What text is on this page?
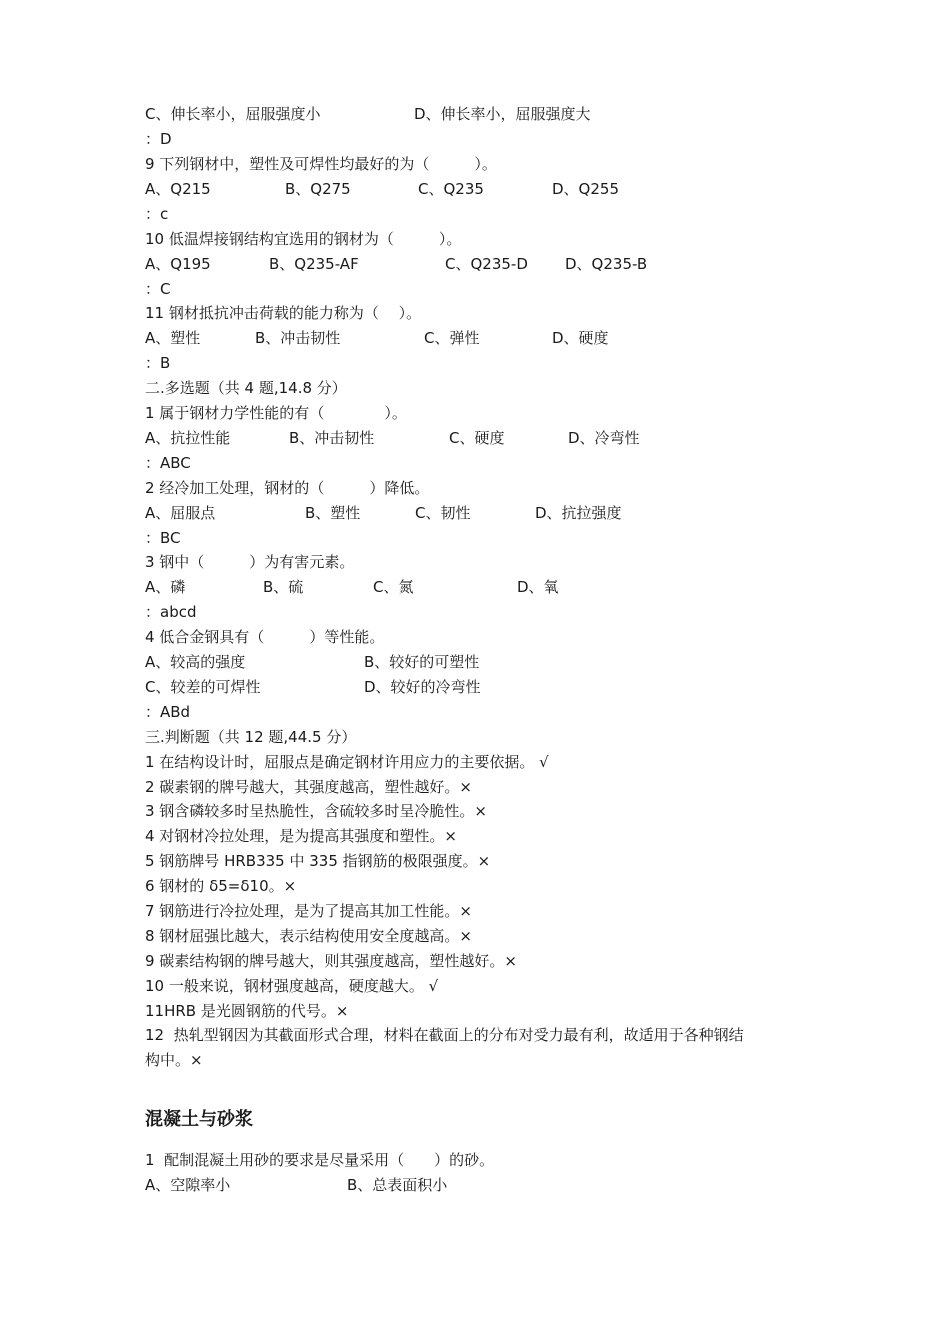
C、伸长率小，屈服强度小	D、伸长率小，屈服强度大
：D
9 下列钢材中，塑性及可焊性均最好的为（　　　）。
A、Q215	B、Q275	C、Q235	D、Q255
：c
10 低温焊接钢结构宜选用的钢材为（　　　）。
A、Q195	B、Q235-AF	C、Q235-D D、Q235-B
：C
11 钢材抵抗冲击荷载的能力称为（　 ）。
A、塑性	B、冲击韧性	C、弹性	D、硬度
：B
二.多选题（共 4 题,14.8 分）
1 属于钢材力学性能的有（　　　　）。
A、抗拉性能	B、冲击韧性	C、硬度	D、冷弯性
：ABC
2 经冷加工处理，钢材的（　　　）降低。
A、屈服点	B、塑性	C、韧性	D、抗拉强度
：BC
3 钢中（　　　）为有害元素。
A、磷	B、硫	C、氮	D、氧
：abcd
4 低合金钢具有（　　　）等性能。
A、较高的强度	B、较好的可塑性
C、较差的可焊性	D、较好的冷弯性
：ABd
三.判断题（共 12 题,44.5 分）
1 在结构设计时，屈服点是确定钢材许用应力的主要依据。 √
2 碳素钢的牌号越大，其强度越高，塑性越好。×
3 钢含磷较多时呈热脆性，含硫较多时呈冷脆性。×
4 对钢材冷拉处理，是为提高其强度和塑性。×
5 钢筋牌号 HRB335 中 335 指钢筋的极限强度。×
6 钢材的 δ5=δ10。×
7 钢筋进行冷拉处理，是为了提高其加工性能。×
8 钢材屈强比越大，表示结构使用安全度越高。×
9 碳素结构钢的牌号越大，则其强度越高，塑性越好。×
10 一般来说，钢材强度越高，硬度越大。 √
11HRB 是光圆钢筋的代号。×
12  热轧型钢因为其截面形式合理，材料在截面上的分布对受力最有利，故适用于各种钢结
构中。×
混凝土与砂浆
1  配制混凝土用砂的要求是尽量采用（　　）的砂。
A、空隙率小	B、总表面积小
